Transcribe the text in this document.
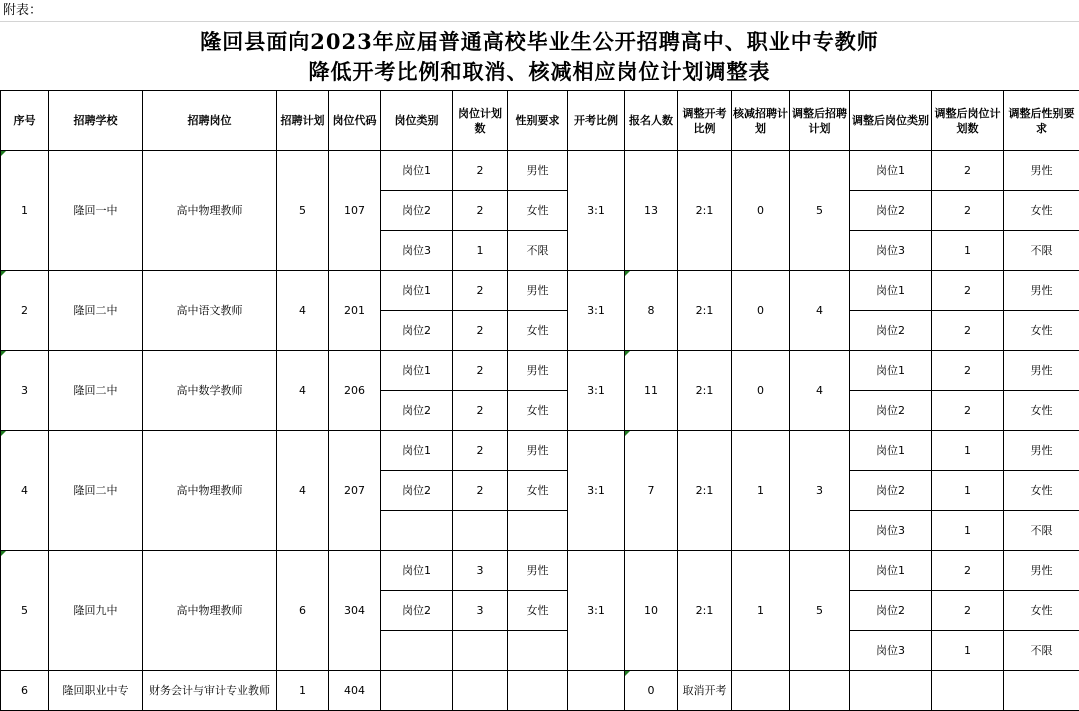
附表：
隆回县面向2023年应届普通高校毕业生公开招聘高中、职业中专教师
降低开考比例和取消、核减相应岗位计划调整表
序号	招聘学校	招聘岗位	招聘计划	岗位代码	岗位类别	岗位计划数	性别要求	开考比例	报名人数	调整开考比例	核减招聘计划	调整后招聘计划	调整后岗位类别	调整后岗位计划数	调整后性别要求
1	隆回一中	高中物理教师	5	107	岗位1	2	男性	3:1	13	2:1	0	5	岗位1	2	男性
					岗位2	2	女性						岗位2	2	女性
					岗位3	1	不限						岗位3	1	不限
2	隆回二中	高中语文教师	4	201	岗位1	2	男性	3:1	8	2:1	0	4	岗位1	2	男性
					岗位2	2	女性						岗位2	2	女性
3	隆回二中	高中数学教师	4	206	岗位1	2	男性	3:1	11	2:1	0	4	岗位1	2	男性
					岗位2	2	女性						岗位2	2	女性
4	隆回二中	高中物理教师	4	207	岗位1	2	男性	3:1	7	2:1	1	3	岗位1	1	男性
					岗位2	2	女性						岗位2	1	女性
													岗位3	1	不限
5	隆回九中	高中物理教师	6	304	岗位1	3	男性	3:1	10	2:1	1	5	岗位1	2	男性
					岗位2	3	女性						岗位2	2	女性
													岗位3	1	不限
6	隆回职业中专	财务会计与审计专业教师	1	404					0	取消开考					
